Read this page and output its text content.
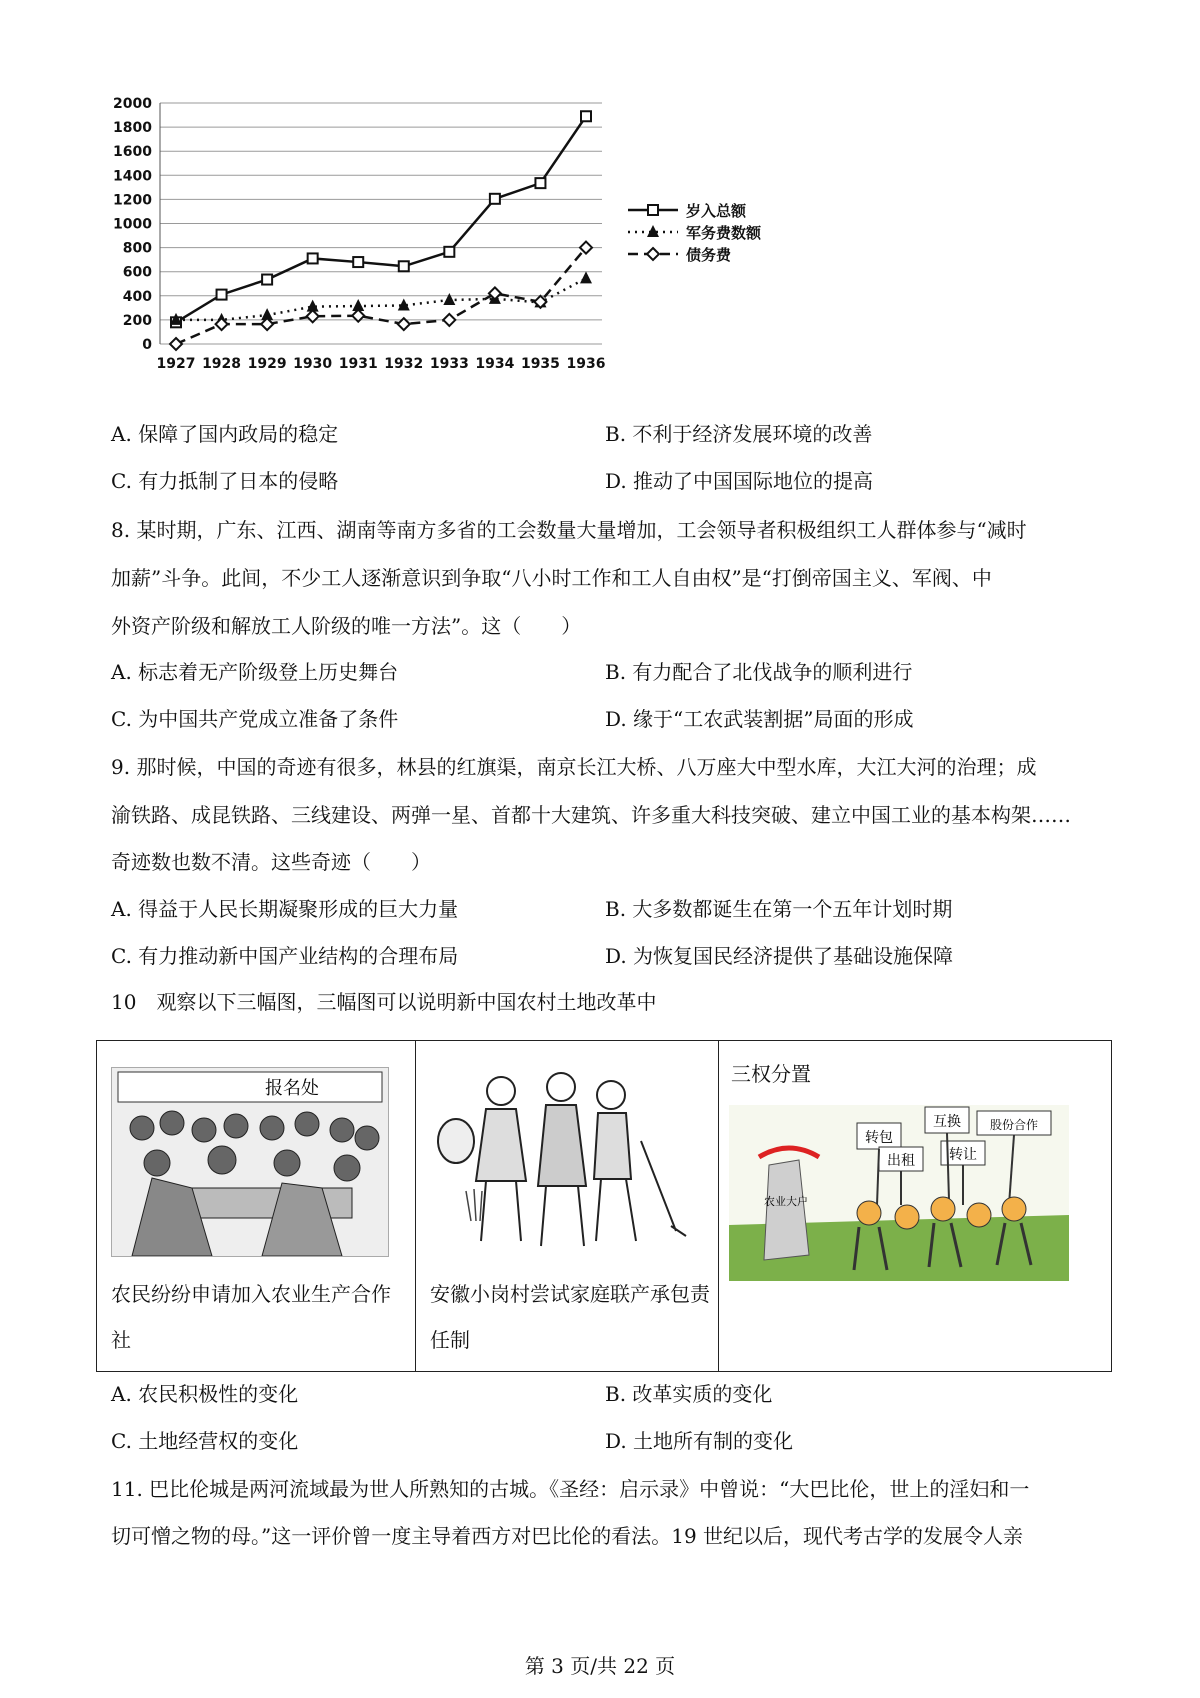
0
200
400
600
800
1000
1200
1400
1600
1800
2000
1927 1928 1929 1930 1931 1932 1933 1934 1935 1936
岁入总额
军务费数额
债务费
A. 保障了国内政局的稳定	B. 不利于经济发展环境的改善
C. 有力抵制了日本的侵略	D. 推动了中国国际地位的提高
8. 某时期，广东、江西、湖南等南方多省的工会数量大量增加，工会领导者积极组织工人群体参与“减时
加薪”斗争。此间，不少工人逐渐意识到争取“八小时工作和工人自由权”是“打倒帝国主义、军阀、中
外资产阶级和解放工人阶级的唯一方法”。这（　　）
A. 标志着无产阶级登上历史舞台	B. 有力配合了北伐战争的顺利进行
C. 为中国共产党成立准备了条件	D. 缘于“工农武装割据”局面的形成
9. 那时候，中国的奇迹有很多，林县的红旗渠，南京长江大桥、八万座大中型水库，大江大河的治理；成
渝铁路、成昆铁路、三线建设、两弹一星、首都十大建筑、许多重大科技突破、建立中国工业的基本构架……
奇迹数也数不清。这些奇迹（　　）
A. 得益于人民长期凝聚形成的巨大力量	B. 大多数都诞生在第一个五年计划时期
C. 有力推动新中国产业结构的合理布局	D. 为恢复国民经济提供了基础设施保障
10　观察以下三幅图，三幅图可以说明新中国农村土地改革中
报名处
农民纷纷申请加入农业生产合作社

安徽小岗村尝试家庭联产承包责任制

三权分置
农业大户
转包
互换 股份合作
出租 转让
A. 农民积极性的变化	B. 改革实质的变化
C. 土地经营权的变化	D. 土地所有制的变化
11. 巴比伦城是两河流域最为世人所熟知的古城。《圣经：启示录》中曾说：“大巴比伦，世上的淫妇和一
切可憎之物的母。”这一评价曾一度主导着西方对巴比伦的看法。19 世纪以后，现代考古学的发展令人亲
第 3 页/共 22 页
